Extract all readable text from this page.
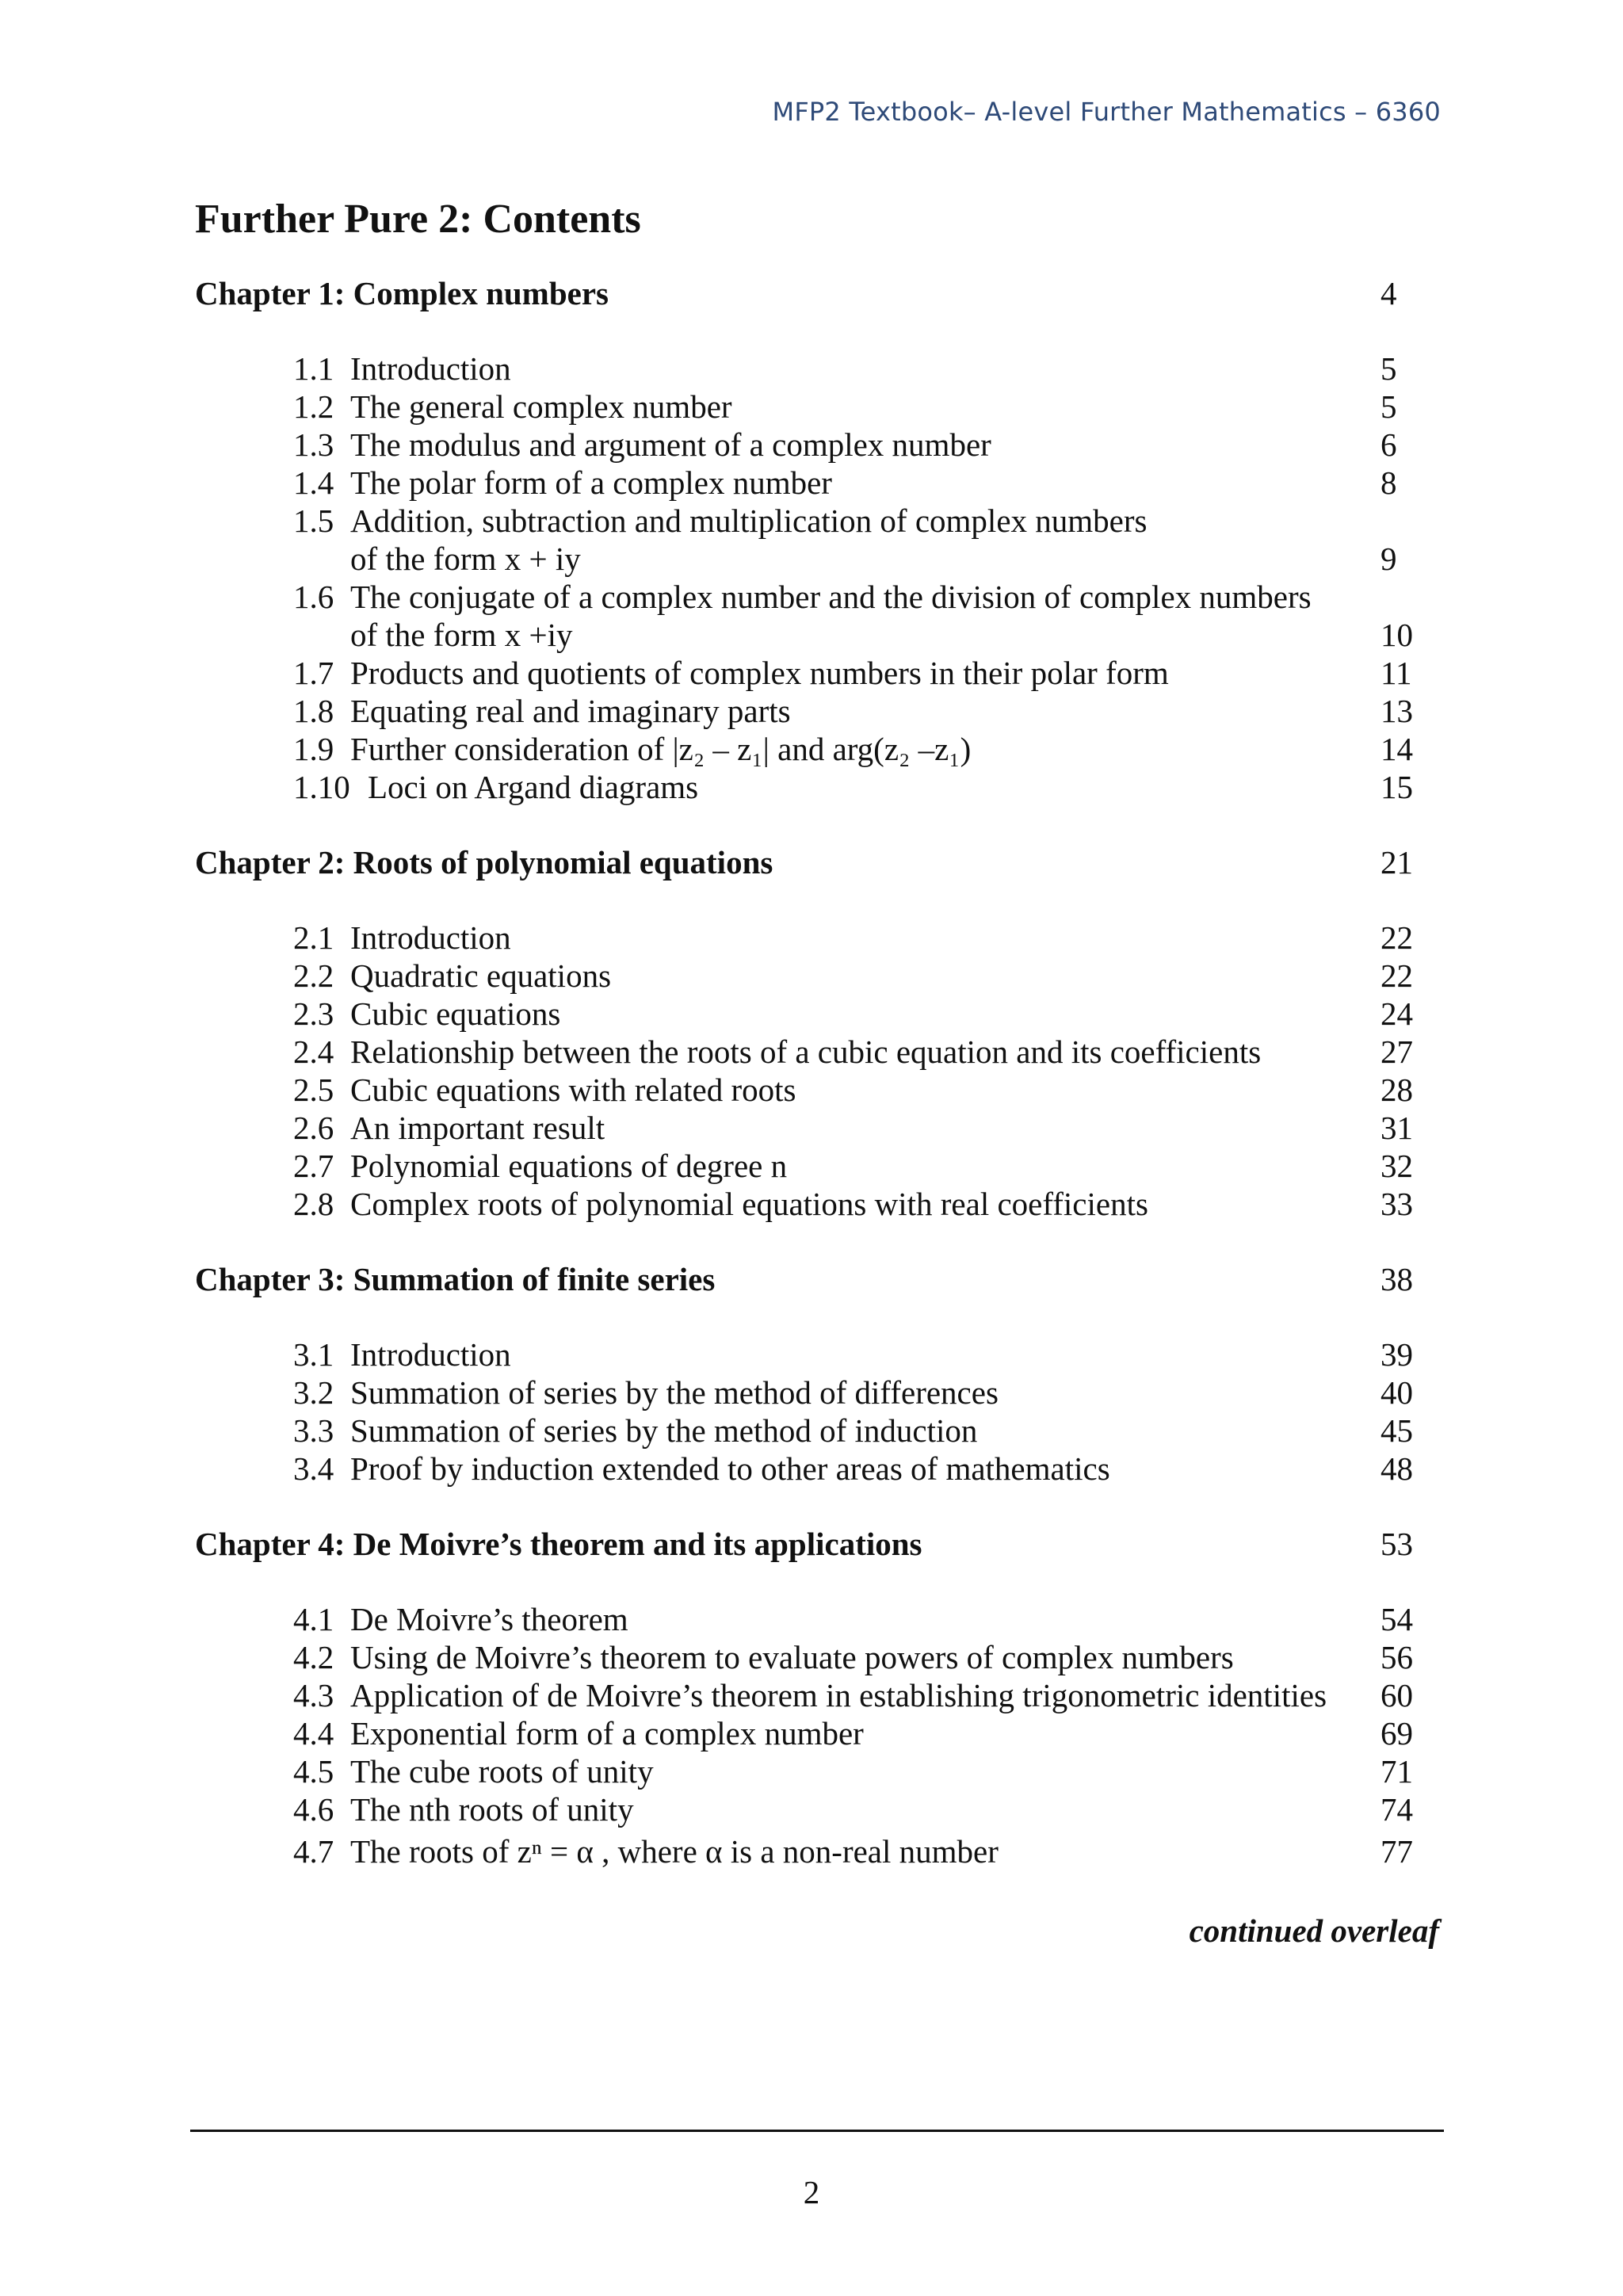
MFP2 Textbook– A-level Further Mathematics – 6360
Further Pure 2: Contents
Chapter 1: Complex numbers	4
1.1 Introduction	5
1.2 The general complex number	5
1.3 The modulus and argument of a complex number	6
1.4 The polar form of a complex number	8
1.5 Addition, subtraction and multiplication of complex numbers
of the form x + iy	9
1.6 The conjugate of a complex number and the division of complex numbers
of the form x +iy	10
1.7 Products and quotients of complex numbers in their polar form	11
1.8 Equating real and imaginary parts	13
1.9 Further consideration of |z₂ – z₁| and arg(z₂ –z₁)	14
1.10 Loci on Argand diagrams	15
Chapter 2: Roots of polynomial equations	21
2.1 Introduction	22
2.2 Quadratic equations	22
2.3 Cubic equations	24
2.4 Relationship between the roots of a cubic equation and its coefficients	27
2.5 Cubic equations with related roots	28
2.6 An important result	31
2.7 Polynomial equations of degree n	32
2.8 Complex roots of polynomial equations with real coefficients	33
Chapter 3: Summation of finite series	38
3.1 Introduction	39
3.2 Summation of series by the method of differences	40
3.3 Summation of series by the method of induction	45
3.4 Proof by induction extended to other areas of mathematics	48
Chapter 4: De Moivre’s theorem and its applications	53
4.1 De Moivre’s theorem	54
4.2 Using de Moivre’s theorem to evaluate powers of complex numbers	56
4.3 Application of de Moivre’s theorem in establishing trigonometric identities 60
4.4 Exponential form of a complex number	69
4.5 The cube roots of unity	71
4.6 The nth roots of unity	74
4.7 The roots of zⁿ = α , where α is a non-real number	77
continued overleaf
2
